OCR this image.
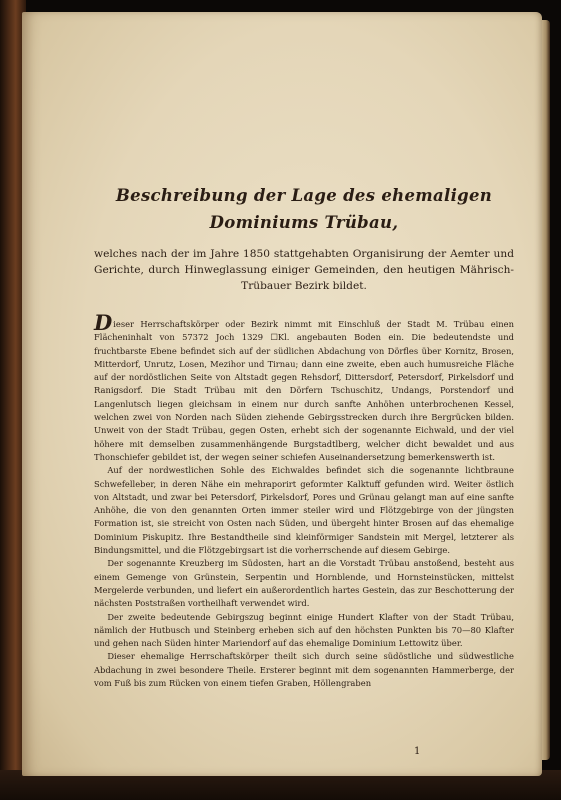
Beschreibung der Lage des ehemaligen
Dominiums Trübau,

welches nach der im Jahre 1850 stattgehabten Organisirung der Aemter und Gerichte, durch Hinweglassung einiger Gemeinden, den heutigen Mährisch-Trübauer Bezirk bildet.

Dieser Herrschaftskörper oder Bezirk nimmt mit Einschluß der Stadt M. Trübau einen Flächeninhalt von 57372 Joch 1329 ☐Kl. angebauten Boden ein. Die bedeutendste und fruchtbarste Ebene befindet sich auf der südlichen Abdachung von Dörfles über Kornitz, Brosen, Mitterdorf, Unrutz, Losen, Mezihor und Tirnau; dann eine zweite, eben auch humusreiche Fläche auf der nordöstlichen Seite von Altstadt gegen Rehsdorf, Dittersdorf, Petersdorf, Pirkelsdorf und Ranigsdorf. Die Stadt Trübau mit den Dörfern Tschuschitz, Undangs, Porstendorf und Langenlutsch liegen gleichsam in einem nur durch sanfte Anhöhen unterbrochenen Kessel, welchen zwei von Norden nach Süden ziehende Gebirgsstrecken durch ihre Bergrücken bilden. Unweit von der Stadt Trübau, gegen Osten, erhebt sich der sogenannte Eichwald, und der viel höhere mit demselben zusammenhängende Burgstadtlberg, welcher dicht bewaldet und aus Thonschiefer gebildet ist, der wegen seiner schiefen Auseinandersetzung bemerkenswerth ist.

Auf der nordwestlichen Sohle des Eichwaldes befindet sich die sogenannte lichtbraune Schwefelleber, in deren Nähe ein mehraporirt geformter Kalktuff gefunden wird. Weiter östlich von Altstadt, und zwar bei Petersdorf, Pirkelsdorf, Pores und Grünau gelangt man auf eine sanfte Anhöhe, die von den genannten Orten immer steiler wird und Flötzgebirge von der jüngsten Formation ist, sie streicht von Osten nach Süden, und übergeht hinter Brosen auf das ehemalige Dominium Piskupitz. Ihre Bestandtheile sind kleinförmiger Sandstein mit Mergel, letzterer als Bindungsmittel, und die Flötzgebirgsart ist die vorherrschende auf diesem Gebirge.

Der sogenannte Kreuzberg im Südosten, hart an die Vorstadt Trübau anstoßend, besteht aus einem Gemenge von Grünstein, Serpentin und Hornblende, und Hornsteinstücken, mittelst Mergelerde verbunden, und liefert ein außerordentlich hartes Gestein, das zur Beschotterung der nächsten Poststraßen vortheilhaft verwendet wird.

Der zweite bedeutende Gebirgszug beginnt einige Hundert Klafter von der Stadt Trübau, nämlich der Hutbusch und Steinberg erheben sich auf den höchsten Punkten bis 70—80 Klafter und gehen nach Süden hinter Mariendorf auf das ehemalige Dominium Lettowitz über.

Dieser ehemalige Herrschaftskörper theilt sich durch seine südöstliche und südwestliche Abdachung in zwei besondere Theile. Ersterer beginnt mit dem sogenannten Hammerberge, der vom Fuß bis zum Rücken von einem tiefen Graben, Höllengraben

1
